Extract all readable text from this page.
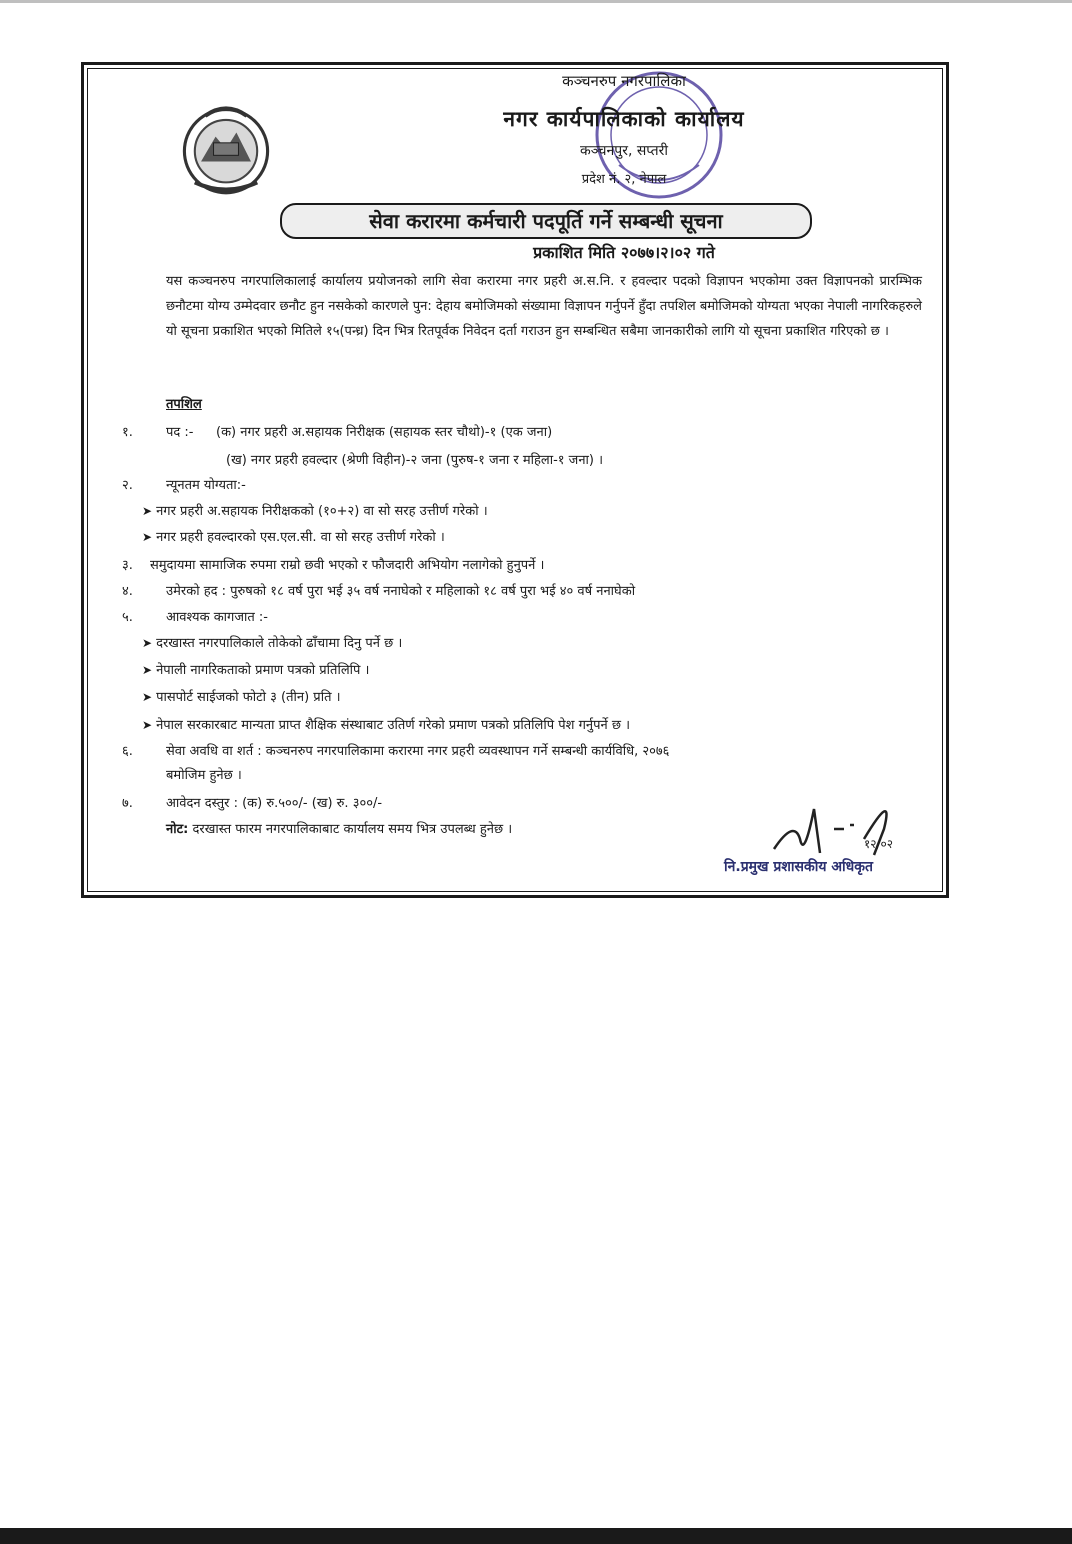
कञ्चनरुप नगरपालिका
नगर कार्यपालिकाको कार्यालय
कञ्चनपुर, सप्तरी
प्रदेश नं. २, नेपाल
सेवा करारमा कर्मचारी पदपूर्ति गर्ने सम्बन्धी सूचना
प्रकाशित मिति २०७७।२।०२ गते

यस कञ्चनरुप नगरपालिकालाई कार्यालय प्रयोजनको लागि सेवा करारमा नगर प्रहरी अ.स.नि. र हवल्दार पदको विज्ञापन भएकोमा उक्त विज्ञापनको प्रारम्भिक छनौटमा योग्य उम्मेदवार छनौट हुन नसकेको कारणले पुन: देहाय बमोजिमको संख्यामा विज्ञापन गर्नुपर्ने हुँदा तपशिल बमोजिमको योग्यता भएका नेपाली नागरिकहरुले यो सूचना प्रकाशित भएको मितिले १५(पन्ध्र) दिन भित्र रितपूर्वक निवेदन दर्ता गराउन हुन सम्बन्धित सबैमा जानकारीको लागि यो सूचना प्रकाशित गरिएको छ ।

तपशिल
१.	पद :- (क) नगर प्रहरी अ.सहायक निरीक्षक (सहायक स्तर चौथो)-१ (एक जना)
(ख) नगर प्रहरी हवल्दार (श्रेणी विहीन)-२ जना (पुरुष-१ जना र महिला-१ जना) ।
२.	न्यूनतम योग्यता:-
➤ नगर प्रहरी अ.सहायक निरीक्षकको (१०+२) वा सो सरह उत्तीर्ण गरेको ।
➤ नगर प्रहरी हवल्दारको एस.एल.सी. वा सो सरह उत्तीर्ण गरेको ।
३. समुदायमा सामाजिक रुपमा राम्रो छवी भएको र फौजदारी अभियोग नलागेको हुनुपर्ने ।
४.	उमेरको हद : पुरुषको १८ वर्ष पुरा भई ३५ वर्ष ननाघेको र महिलाको १८ वर्ष पुरा भई ४० वर्ष ननाघेको
५.	आवश्यक कागजात :-
➤ दरखास्त नगरपालिकाले तोकेको ढाँचामा दिनु पर्ने छ ।
➤ नेपाली नागरिकताको प्रमाण पत्रको प्रतिलिपि ।
➤ पासपोर्ट साईजको फोटो ३ (तीन) प्रति ।
➤ नेपाल सरकारबाट मान्यता प्राप्त शैक्षिक संस्थाबाट उतिर्ण गरेको प्रमाण पत्रको प्रतिलिपि पेश गर्नुपर्ने छ ।
६.	सेवा अवधि वा शर्त : कञ्चनरुप नगरपालिकामा करारमा नगर प्रहरी व्यवस्थापन गर्ने सम्बन्धी कार्यविधि, २०७६
बमोजिम हुनेछ ।
७.	आवेदन दस्तुर : (क) रु.५००/- (ख) रु. ३००/-
नोट: दरखास्त फारम नगरपालिकाबाट कार्यालय समय भित्र उपलब्ध हुनेछ ।
१२/०२
नि.प्रमुख प्रशासकीय अधिकृत
